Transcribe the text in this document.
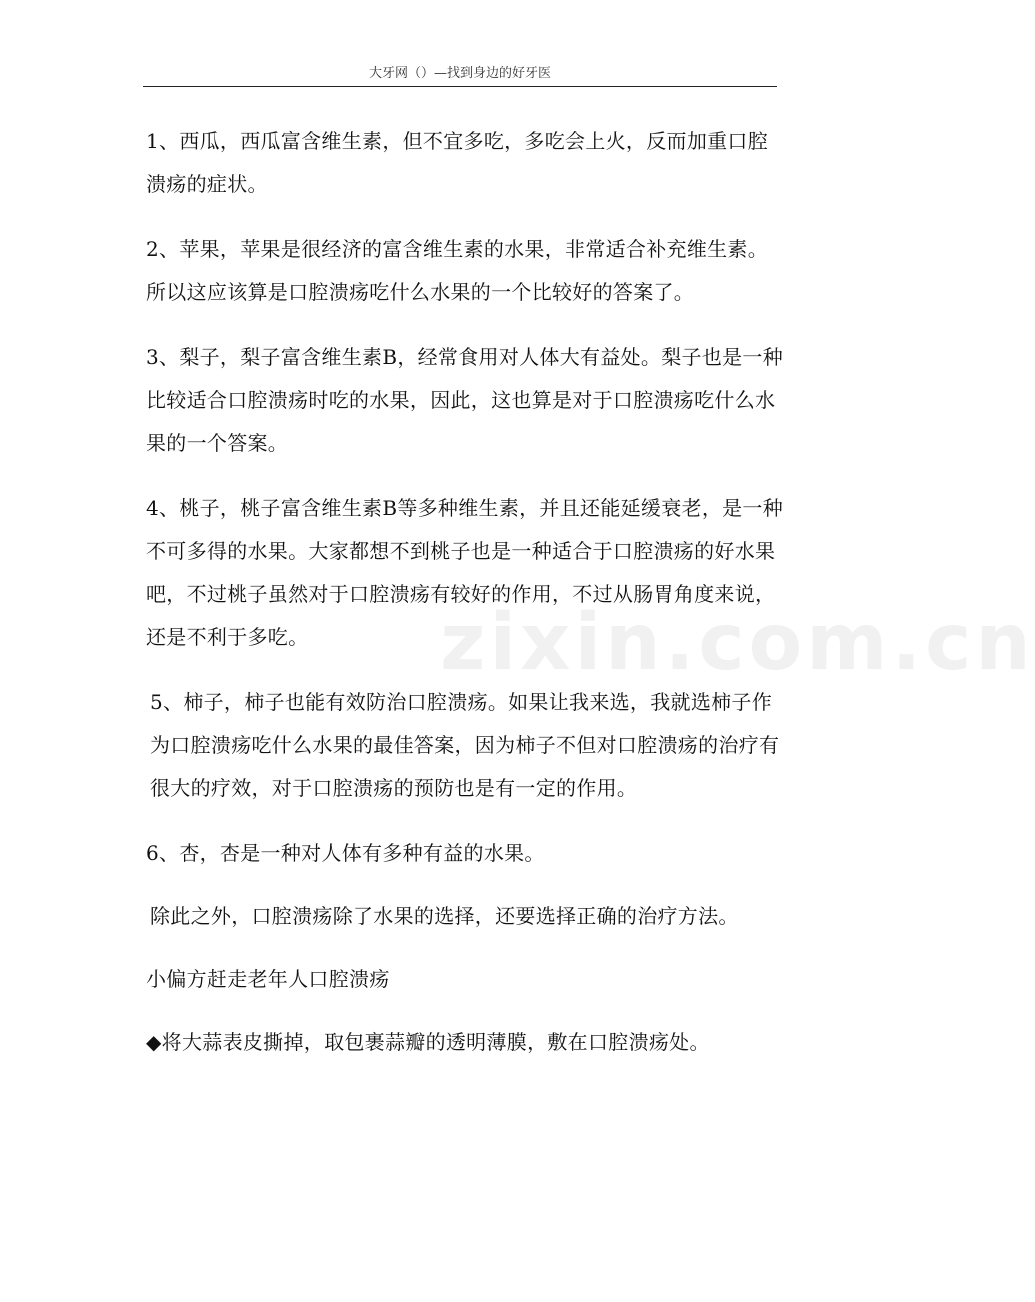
大牙网（）—找到身边的好牙医
zixin.com.cn

1、西瓜，西瓜富含维生素，但不宜多吃，多吃会上火，反而加重口腔溃疡的症状。

2、苹果，苹果是很经济的富含维生素的水果，非常适合补充维生素。所以这应该算是口腔溃疡吃什么水果的一个比较好的答案了。

3、梨子，梨子富含维生素B，经常食用对人体大有益处。梨子也是一种比较适合口腔溃疡时吃的水果，因此，这也算是对于口腔溃疡吃什么水果的一个答案。

4、桃子，桃子富含维生素B等多种维生素，并且还能延缓衰老，是一种不可多得的水果。大家都想不到桃子也是一种适合于口腔溃疡的好水果吧，不过桃子虽然对于口腔溃疡有较好的作用，不过从肠胃角度来说，还是不利于多吃。

5、柿子，柿子也能有效防治口腔溃疡。如果让我来选，我就选柿子作为口腔溃疡吃什么水果的最佳答案，因为柿子不但对口腔溃疡的治疗有很大的疗效，对于口腔溃疡的预防也是有一定的作用。

6、杏，杏是一种对人体有多种有益的水果。

除此之外，口腔溃疡除了水果的选择，还要选择正确的治疗方法。

小偏方赶走老年人口腔溃疡

◆将大蒜表皮撕掉，取包裹蒜瓣的透明薄膜，敷在口腔溃疡处。
